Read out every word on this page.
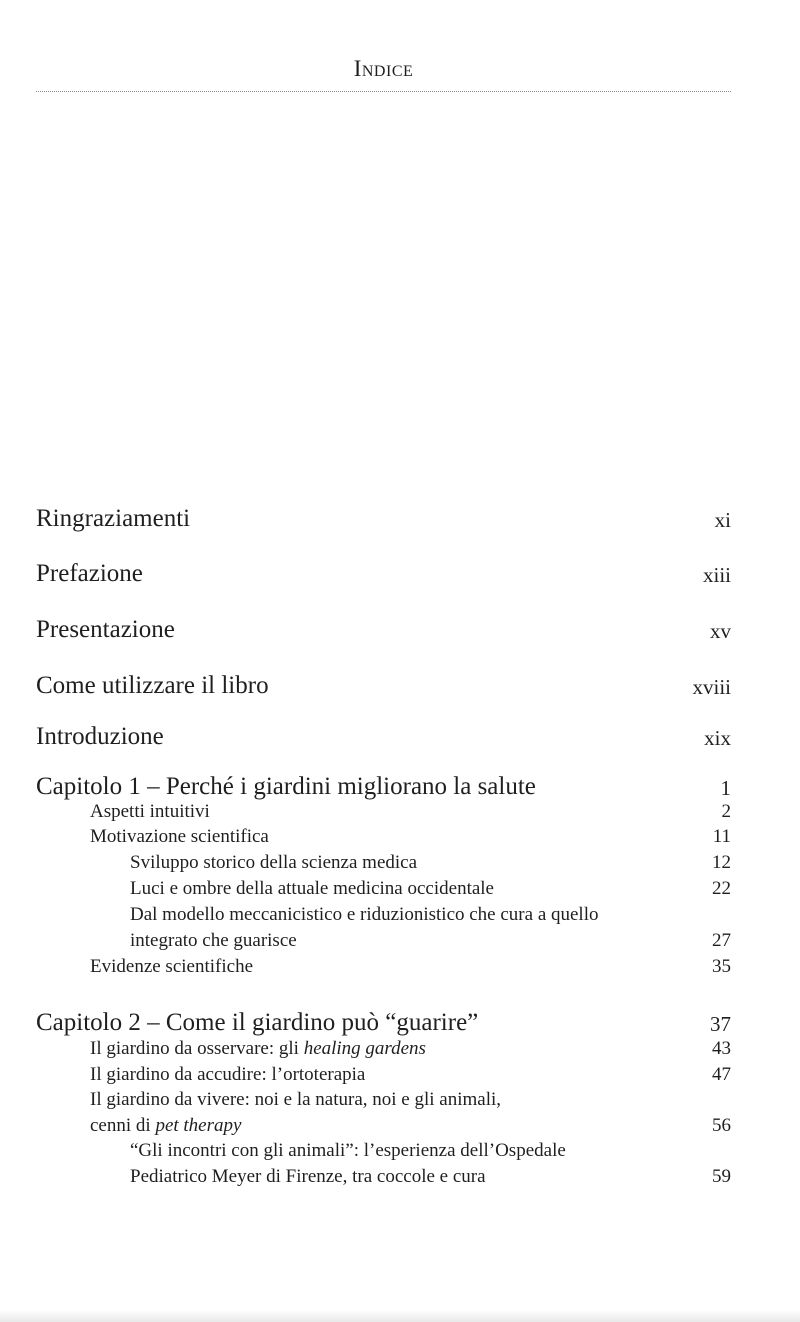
Indice
Ringraziamenti	xi
Prefazione	xiii
Presentazione	xv
Come utilizzare il libro	xviii
Introduzione	xix
Capitolo 1 – Perché i giardini migliorano la salute	1
Aspetti intuitivi	2
Motivazione scientifica	11
Sviluppo storico della scienza medica	12
Luci e ombre della attuale medicina occidentale	22
Dal modello meccanicistico e riduzionistico che cura a quello
integrato che guarisce	27
Evidenze scientifiche	35
Capitolo 2 – Come il giardino può “guarire”	37
Il giardino da osservare: gli healing gardens	43
Il giardino da accudire: l’ortoterapia	47
Il giardino da vivere: noi e la natura, noi e gli animali,
cenni di pet therapy	56
“Gli incontri con gli animali”: l’esperienza dell’Ospedale
Pediatrico Meyer di Firenze, tra coccole e cura	59
